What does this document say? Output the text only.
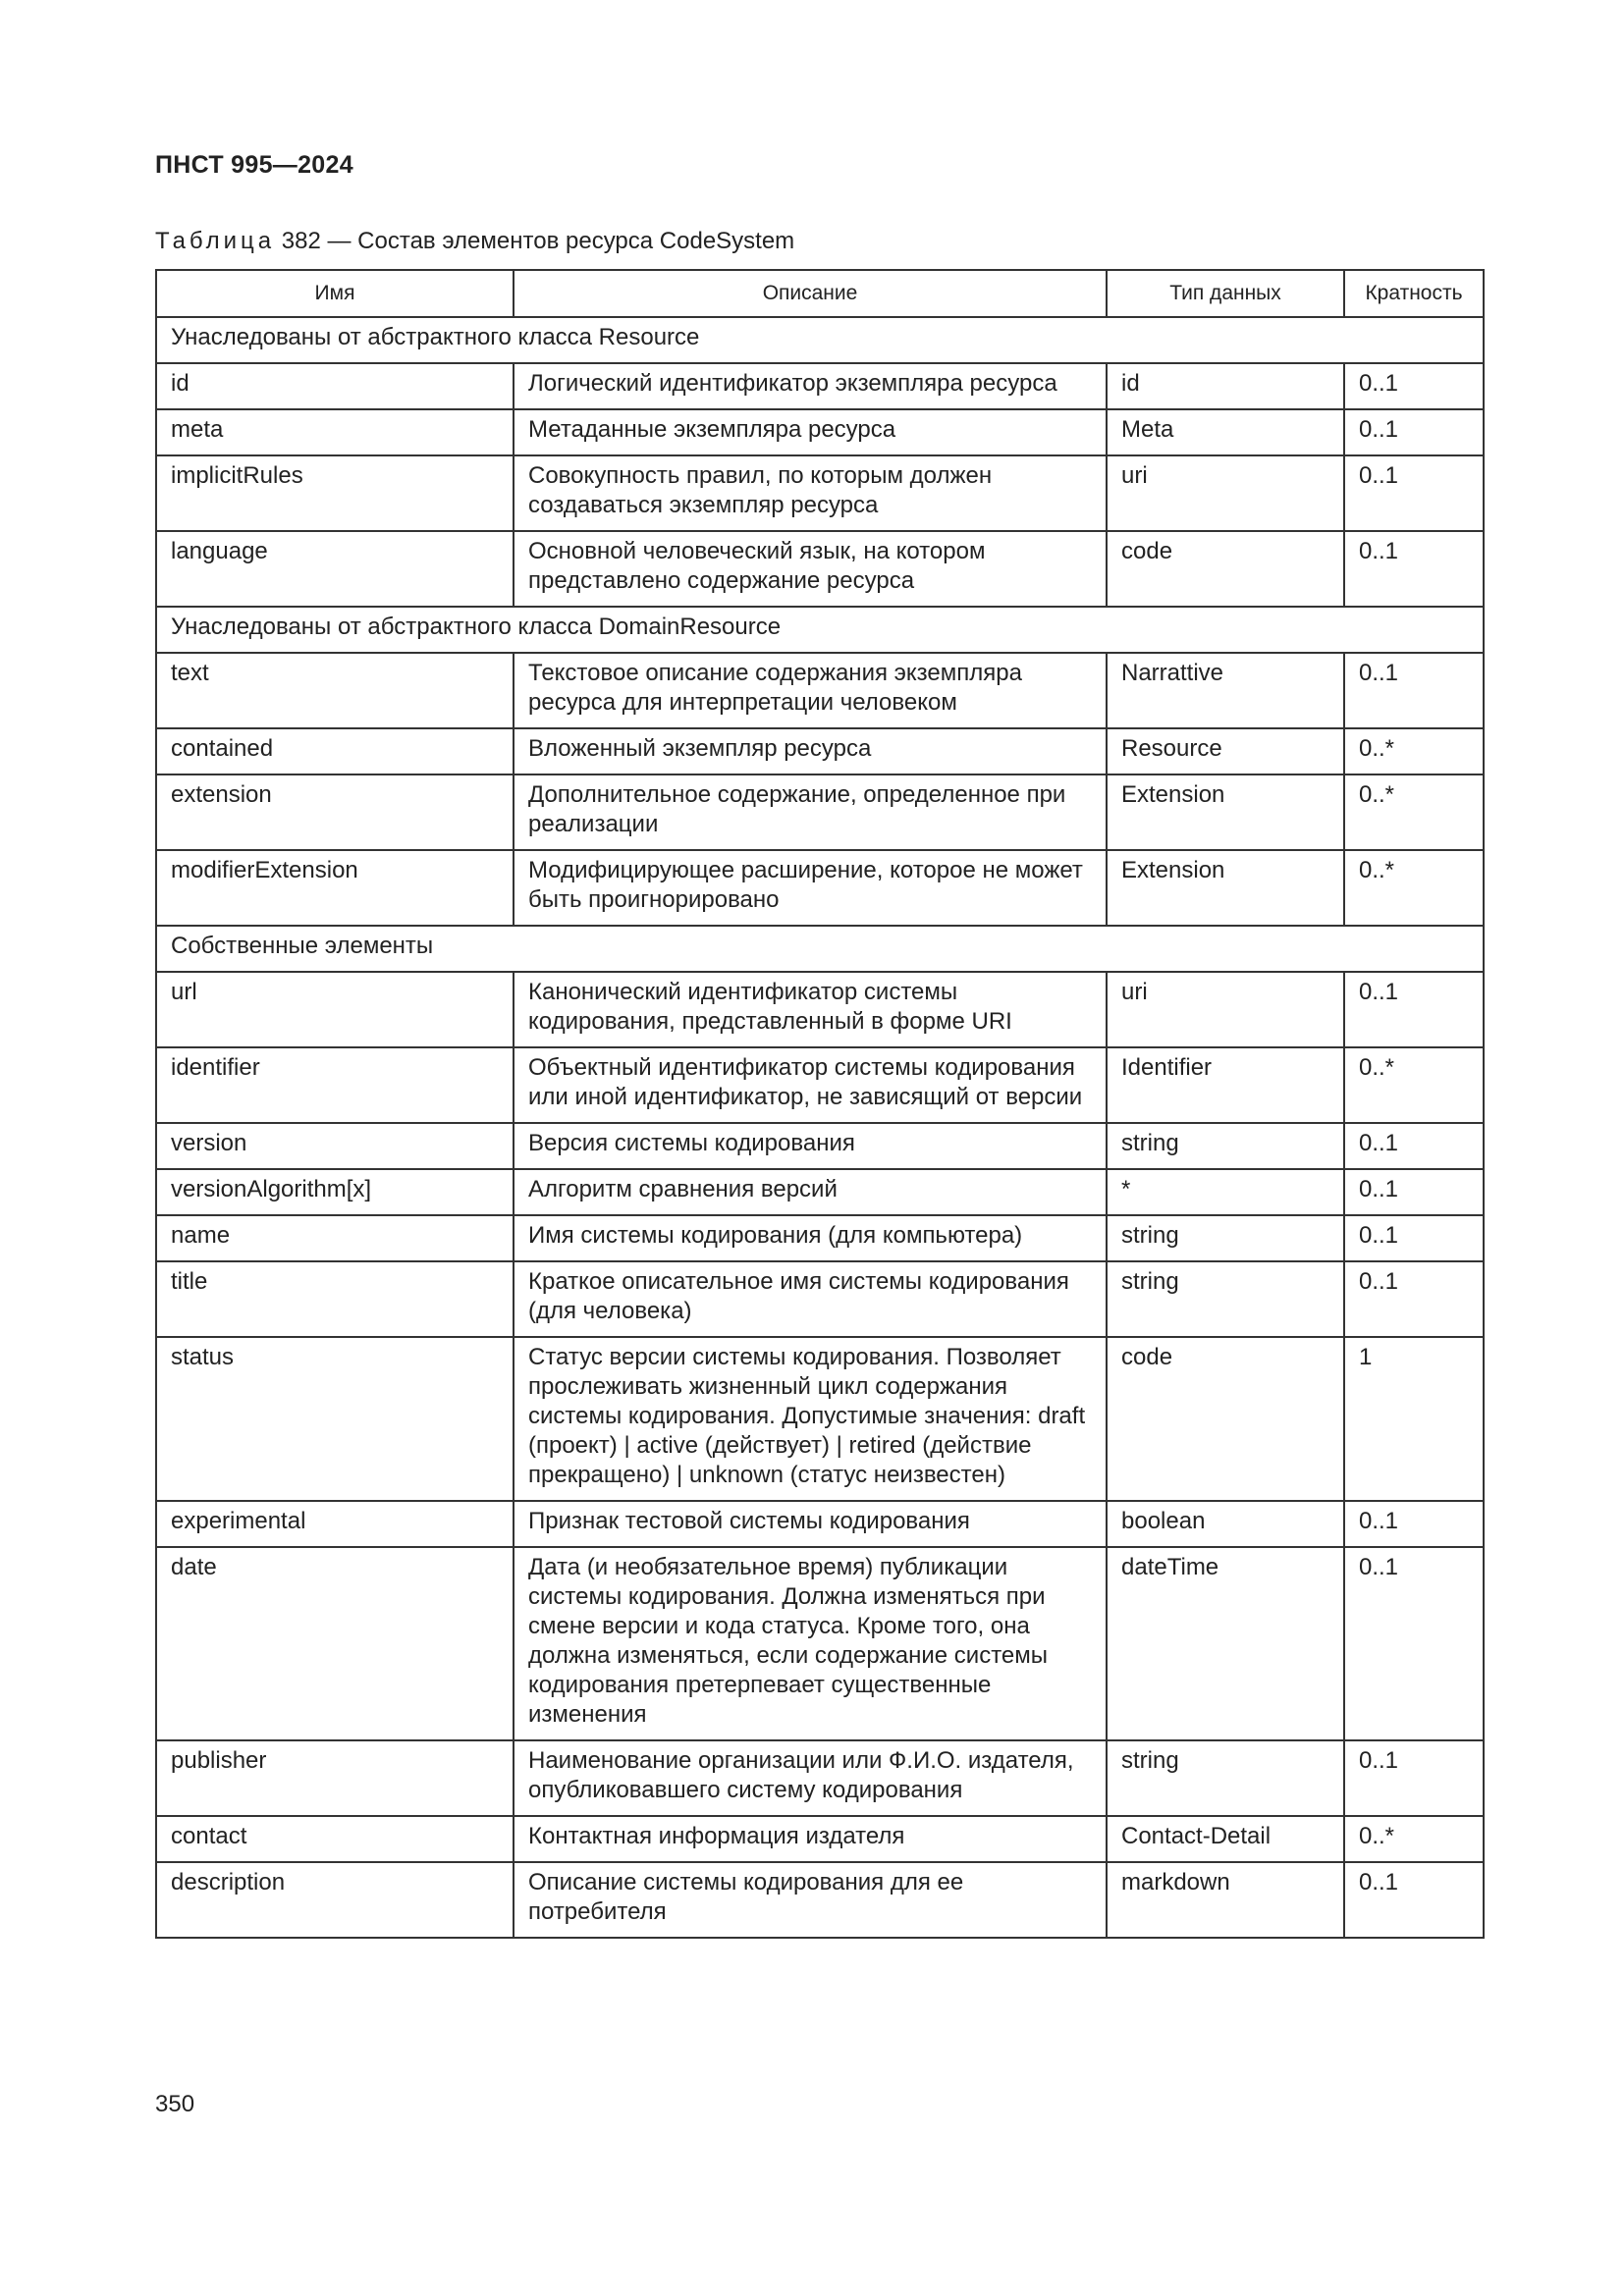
ПНСТ 995—2024
Таблица 382 — Состав элементов ресурса CodeSystem
Имя	Описание	Тип данных	Кратность
Унаследованы от абстрактного класса Resource			
id	Логический идентификатор экземпляра ресурса	id	0..1
meta	Метаданные экземпляра ресурса	Meta	0..1
implicitRules	Совокупность правил, по которым должен создаваться экземпляр ресурса	uri	0..1
language	Основной человеческий язык, на котором представлено содержание ресурса	code	0..1
Унаследованы от абстрактного класса DomainResource			
text	Текстовое описание содержания экземпляра ресурса для интерпретации человеком	Narrattive	0..1
contained	Вложенный экземпляр ресурса	Resource	0..*
extension	Дополнительное содержание, определенное при реализации	Extension	0..*
modifierExtension	Модифицирующее расширение, которое не может быть проигнорировано	Extension	0..*
Собственные элементы			
url	Канонический идентификатор системы кодирования, представленный в форме URI	uri	0..1
identifier	Объектный идентификатор системы кодирования или иной идентификатор, не зависящий от версии	Identifier	0..*
version	Версия системы кодирования	string	0..1
versionAlgorithm[x]	Алгоритм сравнения версий	*	0..1
name	Имя системы кодирования (для компьютера)	string	0..1
title	Краткое описательное имя системы кодирования (для человека)	string	0..1
status	Статус версии системы кодирования. Позволяет прослеживать жизненный цикл содержания системы кодирования. Допустимые значения: draft (проект) | active (действует) | retired (действие прекращено) | unknown (статус неизвестен)	code	1
experimental	Признак тестовой системы кодирования	boolean	0..1
date	Дата (и необязательное время) публикации системы кодирования. Должна изменяться при смене версии и кода статуса. Кроме того, она должна изменяться, если содержание системы кодирования претерпевает существенные изменения	dateTime	0..1
publisher	Наименование организации или Ф.И.О. издателя, опубликовавшего систему кодирования	string	0..1
contact	Контактная информация издателя	Contact-Detail	0..*
description	Описание системы кодирования для ее потребителя	markdown	0..1
350
